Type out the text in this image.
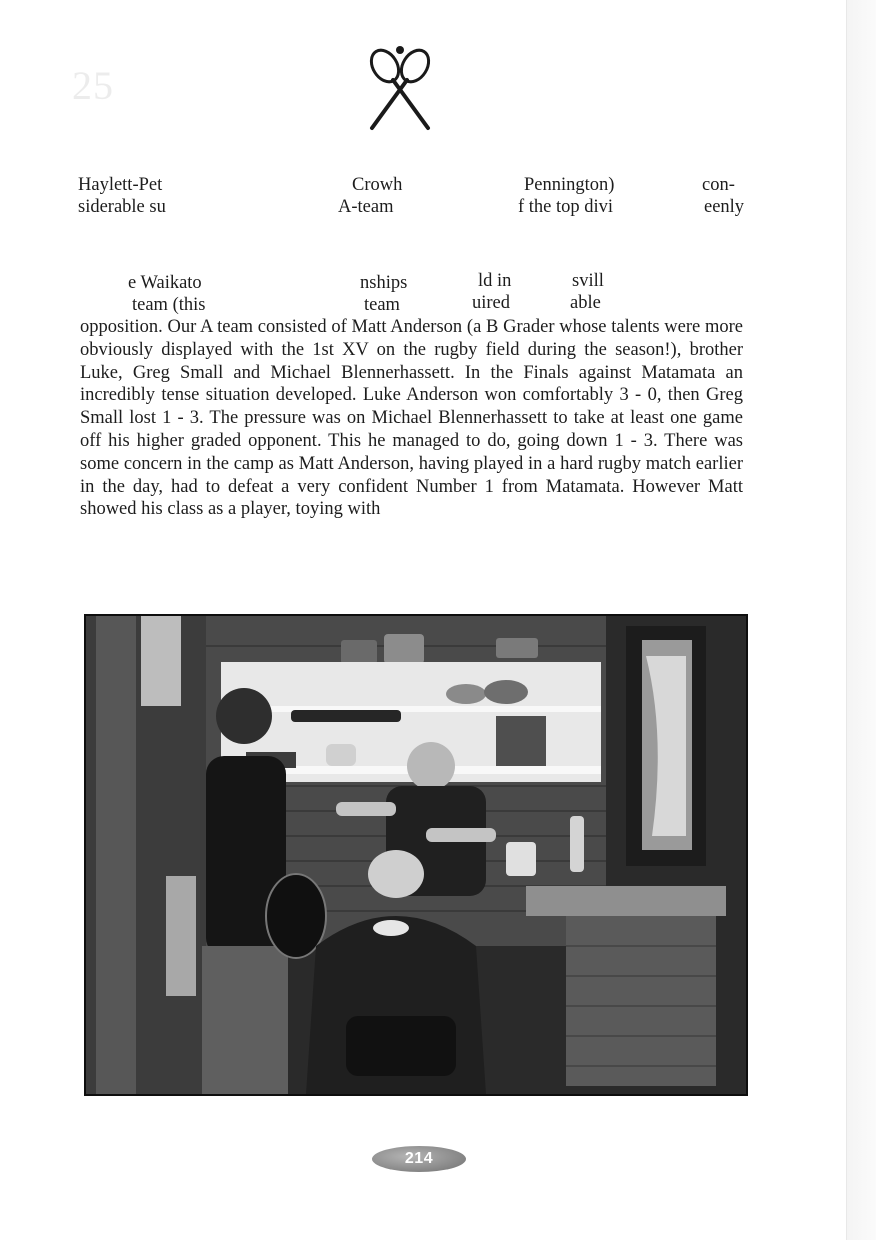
25
Haylett-Pet	Crowh	Pennington)	con-
siderable su	A-team	f the top divi	eenly
e Waikato	nships	ld in	svill
team (this	team	uired	able

opposition. Our A team consisted of Matt Anderson (a B Grader whose talents were more obviously displayed with the 1st XV on the rugby field during the season!), brother Luke, Greg Small and Michael Blennerhassett. In the Finals against Matamata an incredibly tense situation developed. Luke Anderson won comfortably 3 - 0, then Greg Small lost 1 - 3. The pressure was on Michael Blennerhassett to take at least one game off his higher graded opponent. This he managed to do, going down 1 - 3. There was some concern in the camp as Matt Anderson, having played in a hard rugby match earlier in the day, had to defeat a very confident Number 1 from Matamata. However Matt showed his class as a player, toying with

214
